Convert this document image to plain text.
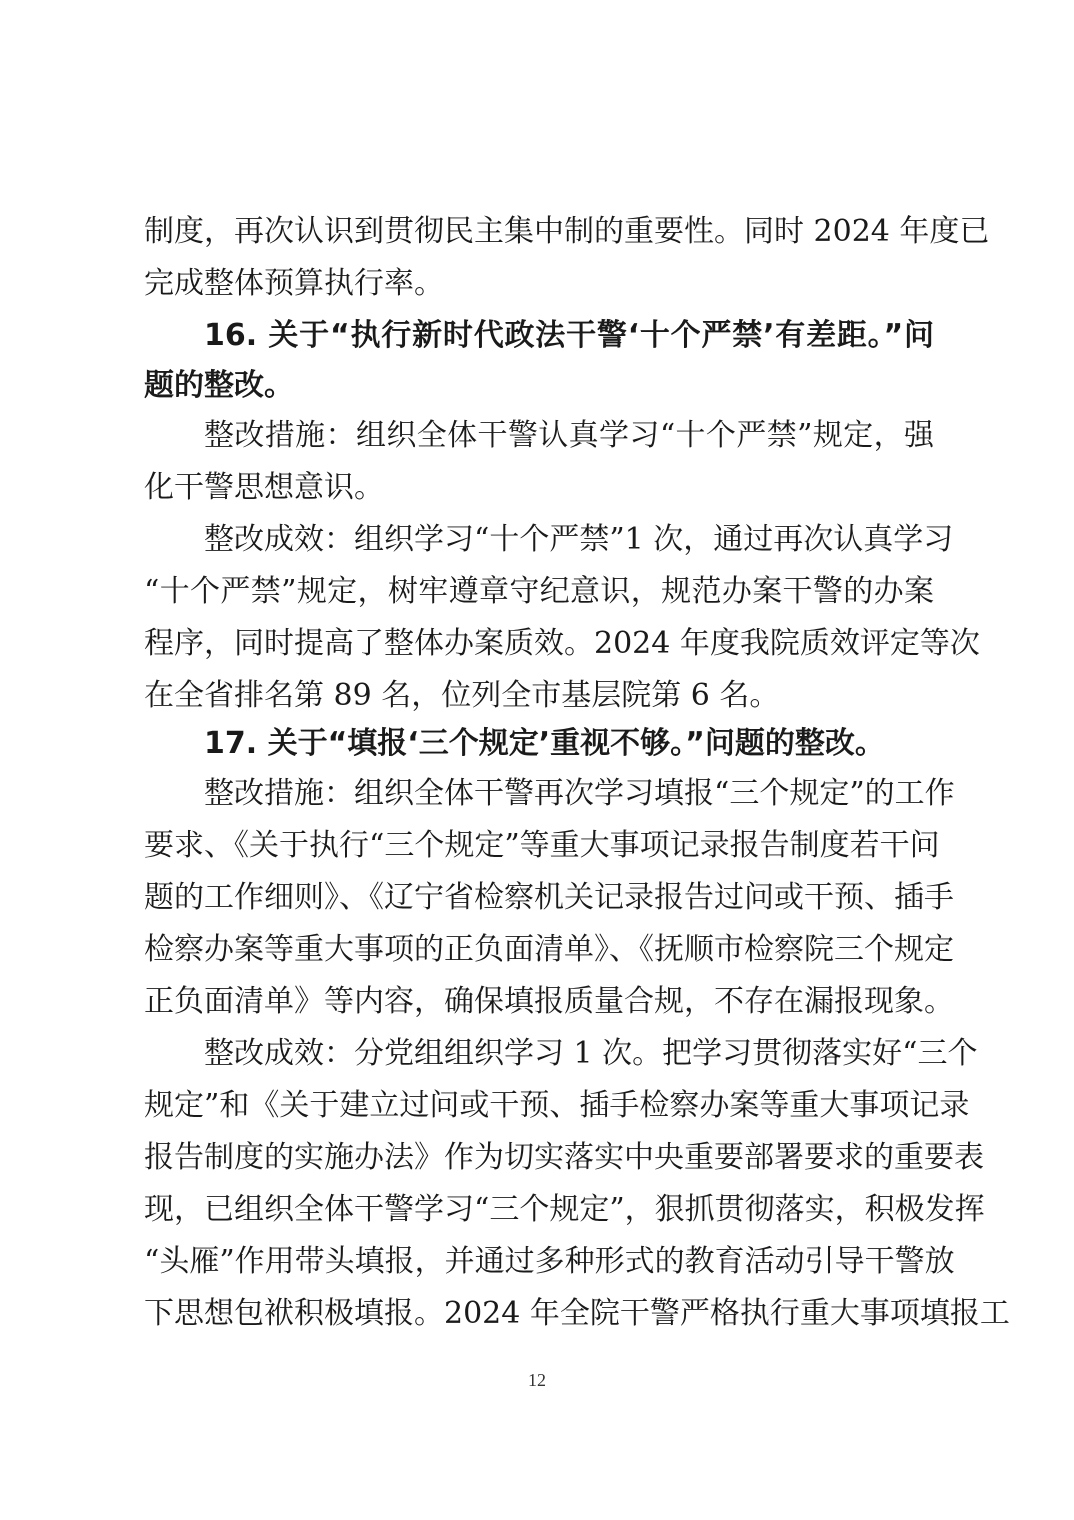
制度，再次认识到贯彻民主集中制的重要性。同时 2024 年度已
完成整体预算执行率。
16. 关于“执行新时代政法干警‘十个严禁’有差距。”问
题的整改。
整改措施：组织全体干警认真学习“十个严禁”规定，强
化干警思想意识。
整改成效：组织学习“十个严禁”1 次，通过再次认真学习
“十个严禁”规定，树牢遵章守纪意识，规范办案干警的办案
程序，同时提高了整体办案质效。2024 年度我院质效评定等次
在全省排名第 89 名，位列全市基层院第 6 名。
17. 关于“填报‘三个规定’重视不够。”问题的整改。
整改措施：组织全体干警再次学习填报“三个规定”的工作
要求、《关于执行“三个规定”等重大事项记录报告制度若干问
题的工作细则》、《辽宁省检察机关记录报告过问或干预、插手
检察办案等重大事项的正负面清单》、《抚顺市检察院三个规定
正负面清单》等内容，确保填报质量合规，不存在漏报现象。
整改成效：分党组组织学习 1 次。把学习贯彻落实好“三个
规定”和《关于建立过问或干预、插手检察办案等重大事项记录
报告制度的实施办法》作为切实落实中央重要部署要求的重要表
现，已组织全体干警学习“三个规定”，狠抓贯彻落实，积极发挥
“头雁”作用带头填报，并通过多种形式的教育活动引导干警放
下思想包袱积极填报。2024 年全院干警严格执行重大事项填报工
12
